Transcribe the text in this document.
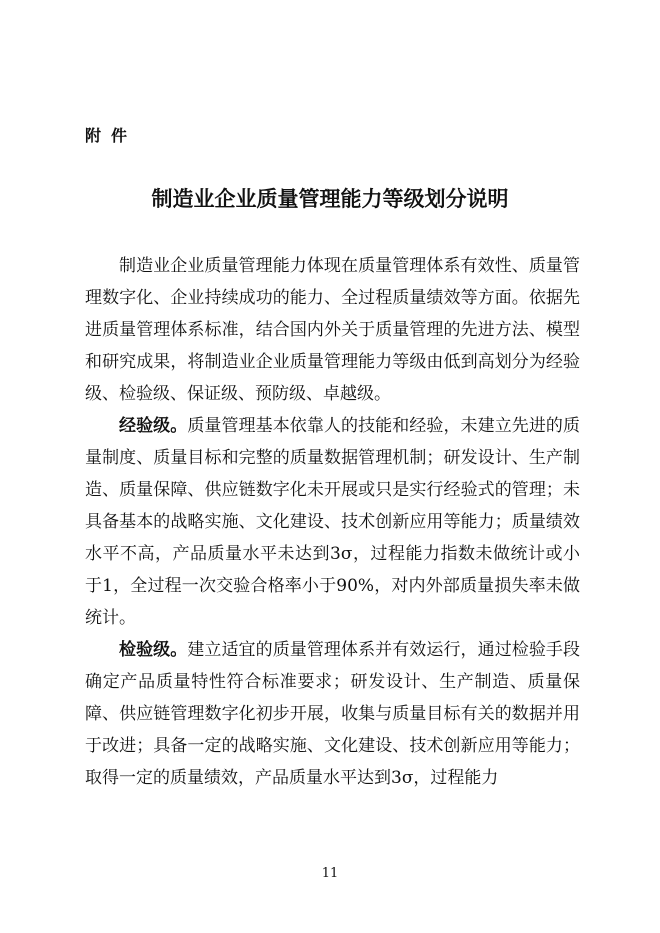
附件
制造业企业质量管理能力等级划分说明

制造业企业质量管理能力体现在质量管理体系有效性、质量管理数字化、企业持续成功的能力、全过程质量绩效等方面。依据先进质量管理体系标准，结合国内外关于质量管理的先进方法、模型和研究成果，将制造业企业质量管理能力等级由低到高划分为经验级、检验级、保证级、预防级、卓越级。

经验级。质量管理基本依靠人的技能和经验，未建立先进的质量制度、质量目标和完整的质量数据管理机制；研发设计、生产制造、质量保障、供应链数字化未开展或只是实行经验式的管理；未具备基本的战略实施、文化建设、技术创新应用等能力；质量绩效水平不高，产品质量水平未达到3σ，过程能力指数未做统计或小于1，全过程一次交验合格率小于90%，对内外部质量损失率未做统计。

检验级。建立适宜的质量管理体系并有效运行，通过检验手段确定产品质量特性符合标准要求；研发设计、生产制造、质量保障、供应链管理数字化初步开展，收集与质量目标有关的数据并用于改进；具备一定的战略实施、文化建设、技术创新应用等能力；取得一定的质量绩效，产品质量水平达到3σ，过程能力

11
